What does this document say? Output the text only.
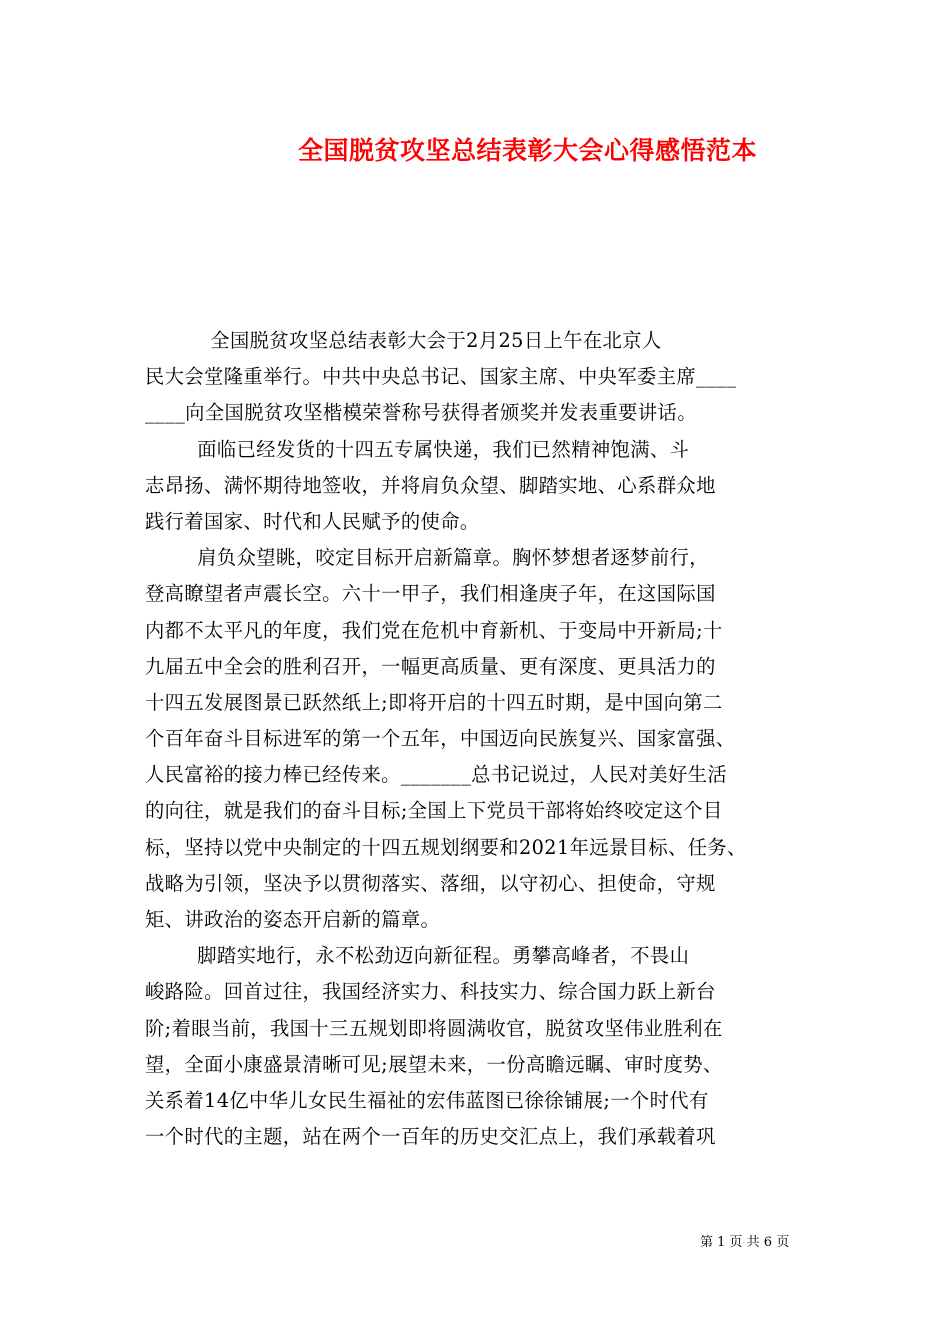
全国脱贫攻坚总结表彰大会心得感悟范本
全国脱贫攻坚总结表彰大会于2月25日上午在北京人
民大会堂隆重举行。中共中央总书记、国家主席、中央军委主席____
____向全国脱贫攻坚楷模荣誉称号获得者颁奖并发表重要讲话。
面临已经发货的十四五专属快递，我们已然精神饱满、斗
志昂扬、满怀期待地签收，并将肩负众望、脚踏实地、心系群众地
践行着国家、时代和人民赋予的使命。
肩负众望眺，咬定目标开启新篇章。胸怀梦想者逐梦前行，
登高瞭望者声震长空。六十一甲子，我们相逢庚子年，在这国际国
内都不太平凡的年度，我们党在危机中育新机、于变局中开新局;十
九届五中全会的胜利召开，一幅更高质量、更有深度、更具活力的
十四五发展图景已跃然纸上;即将开启的十四五时期，是中国向第二
个百年奋斗目标进军的第一个五年，中国迈向民族复兴、国家富强、
人民富裕的接力棒已经传来。_______总书记说过，人民对美好生活
的向往，就是我们的奋斗目标;全国上下党员干部将始终咬定这个目
标，坚持以党中央制定的十四五规划纲要和2021年远景目标、任务、
战略为引领，坚决予以贯彻落实、落细，以守初心、担使命，守规
矩、讲政治的姿态开启新的篇章。
脚踏实地行，永不松劲迈向新征程。勇攀高峰者，不畏山
峻路险。回首过往，我国经济实力、科技实力、综合国力跃上新台
阶;着眼当前，我国十三五规划即将圆满收官，脱贫攻坚伟业胜利在
望，全面小康盛景清晰可见;展望未来，一份高瞻远瞩、审时度势、
关系着14亿中华儿女民生福祉的宏伟蓝图已徐徐铺展;一个时代有
一个时代的主题，站在两个一百年的历史交汇点上，我们承载着巩
第 1 页 共 6 页
